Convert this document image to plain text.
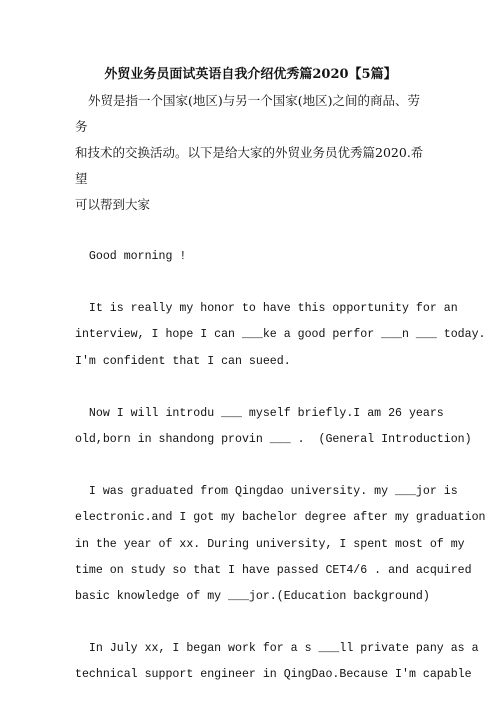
外贸业务员面试英语自我介绍优秀篇2020【5篇】

外贸是指一个国家(地区)与另一个国家(地区)之间的商品、劳务

和技术的交换活动。以下是给大家的外贸业务员优秀篇2020.希望

可以帮到大家

Good morning !

It is really my honor to have this opportunity for an

interview, I hope I can ___ke a good perfor ___n ___ today.

I'm confident that I can sueed.

Now I will introdu ___ myself briefly.I am 26 years

old,born in shandong provin ___ .  (General Introduction)

I was graduated from Qingdao university. my ___jor is

electronic.and I got my bachelor degree after my graduation

in the year of xx. During university, I spent most of my

time on study so that I have passed CET4/6 . and acquired

basic knowledge of my ___jor.(Education background)

In July xx, I began work for a s ___ll private pany as a

technical support engineer in QingDao.Because I'm capable
